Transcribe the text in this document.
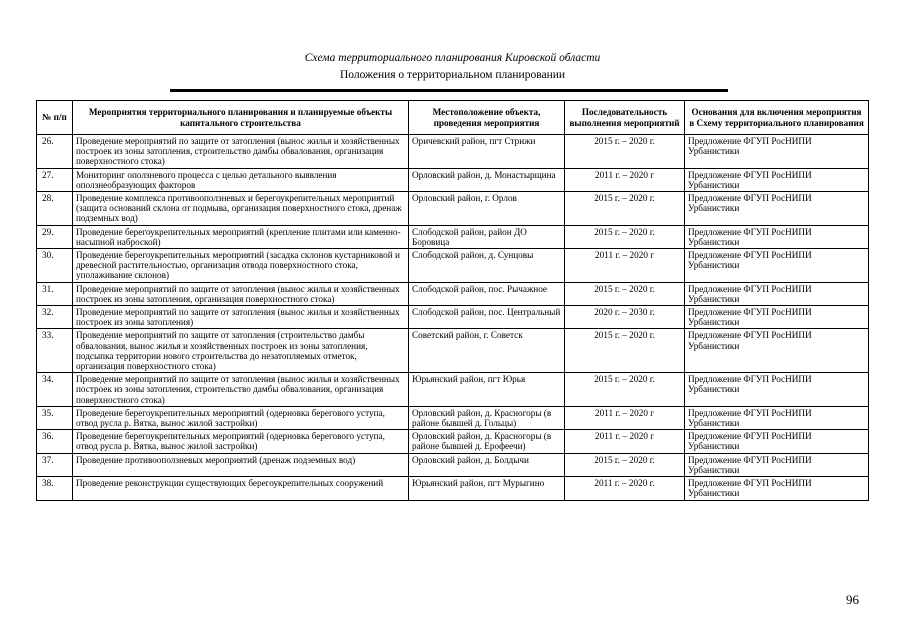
Схема территориального планирования Кировской области
Положения о территориальном планировании
№ п/п	Мероприятия территориального планирования и планируемые объекты капитального строительства	Местоположение объекта, проведения мероприятия	Последовательность выполнения мероприятий	Основания для включения мероприятия в Схему территориального планирования
26.	Проведение мероприятий по защите от затопления (вынос жилья и хозяйственных построек из зоны затопления, строительство дамбы обвалования, организация поверхностного стока)	Оричевский район, пгт Стрижи	2015 г. – 2020 г.	Предложение ФГУП РосНИПИ Урбанистики
27.	Мониторинг оползневого процесса с целью детального выявления оползнеобразующих факторов	Орловский район, д. Монастырщина	2011 г. – 2020 г	Предложение ФГУП РосНИПИ Урбанистики
28.	Проведение комплекса противооползневых и берегоукрепительных мероприятий (защита оснований склона от подмыва, организация поверхностного стока, дренаж подземных вод)	Орловский район, г. Орлов	2015 г. – 2020 г.	Предложение ФГУП РосНИПИ Урбанистики
29.	Проведение берегоукрепительных мероприятий (крепление плитами или каменно-насыпной наброской)	Слободской район, район ДО Боровица	2015 г. – 2020 г.	Предложение ФГУП РосНИПИ Урбанистики
30.	Проведение берегоукрепительных мероприятий (засадка склонов кустарниковой и древесной растительностью, организация отвода поверхностного стока, уполаживание склонов)	Слободской район, д. Сунцовы	2011 г. – 2020 г	Предложение ФГУП РосНИПИ Урбанистики
31.	Проведение мероприятий по защите от затопления (вынос жилья и хозяйственных построек из зоны затопления, организация поверхностного стока)	Слободской район, пос. Рычажное	2015 г. – 2020 г.	Предложение ФГУП РосНИПИ Урбанистики
32.	Проведение мероприятий по защите от затопления (вынос жилья и хозяйственных построек из зоны затопления)	Слободской район, пос. Центральный	2020 г. – 2030 г.	Предложение ФГУП РосНИПИ Урбанистики
33.	Проведение мероприятий по защите от затопления (строительство дамбы обвалования, вынос жилья и хозяйственных построек из зоны затопления, подсыпка территории нового строительства до незатопляемых отметок, организация поверхностного стока)	Советский район, г. Советск	2015 г. – 2020 г.	Предложение ФГУП РосНИПИ Урбанистики
34.	Проведение мероприятий по защите от затопления (вынос жилья и хозяйственных построек из зоны затопления, строительство дамбы обвалования, организация поверхностного стока)	Юрьянский район, пгт Юрья	2015 г. – 2020 г.	Предложение ФГУП РосНИПИ Урбанистики
35.	Проведение берегоукрепительных мероприятий (одерновка берегового уступа, отвод русла р. Вятка, вынос жилой застройки)	Орловский район, д. Красногоры (в районе бывшей д. Гольцы)	2011 г. – 2020 г	Предложение ФГУП РосНИПИ Урбанистики
36.	Проведение берегоукрепительных мероприятий (одерновка берегового уступа, отвод русла р. Вятка, вынос жилой застройки)	Орловский район, д. Красногоры (в районе бывшей д. Ерофеечи)	2011 г. – 2020 г	Предложение ФГУП РосНИПИ Урбанистики
37.	Проведение противооползневых мероприятий (дренаж подземных вод)	Орловский район, д. Болдычи	2015 г. – 2020 г.	Предложение ФГУП РосНИПИ Урбанистики
38.	Проведение реконструкции существующих берегоукрепительных сооружений	Юрьянский район, пгт Мурыгино	2011 г. – 2020 г.	Предложение ФГУП РосНИПИ Урбанистики
96
